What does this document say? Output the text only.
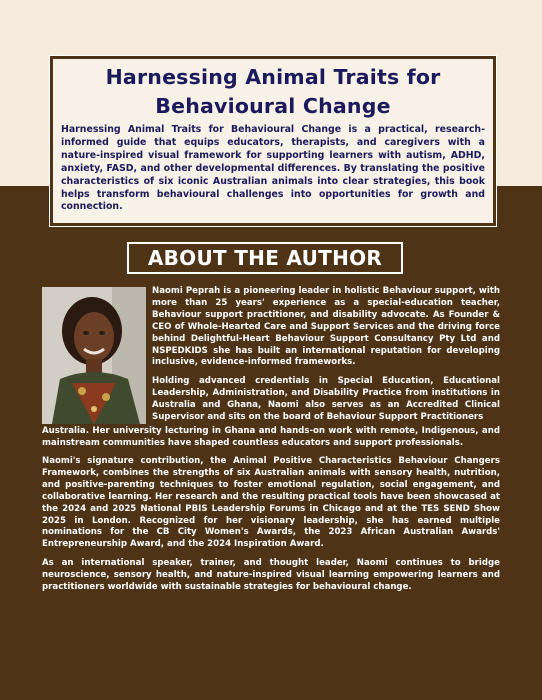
Harnessing Animal Traits for Behavioural Change

Harnessing Animal Traits for Behavioural Change is a practical, research-informed guide that equips educators, therapists, and caregivers with a nature-inspired visual framework for supporting learners with autism, ADHD, anxiety, FASD, and other developmental differences. By translating the positive characteristics of six iconic Australian animals into clear strategies, this book helps transform behavioural challenges into opportunities for growth and connection.

ABOUT THE AUTHOR

Naomi Peprah is a pioneering leader in holistic Behaviour support, with more than 25 years' experience as a special-education teacher, Behaviour support practitioner, and disability advocate. As Founder & CEO of Whole-Hearted Care and Support Services and the driving force behind Delightful-Heart Behaviour Support Consultancy Pty Ltd and NSPEDKIDS she has built an international reputation for developing inclusive, evidence-informed frameworks.

Holding advanced credentials in Special Education, Educational Leadership, Administration, and Disability Practice from institutions in Australia and Ghana, Naomi also serves as an Accredited Clinical Supervisor and sits on the board of Behaviour Support Practitioners

Australia. Her university lecturing in Ghana and hands-on work with remote, Indigenous, and mainstream communities have shaped countless educators and support professionals.

Naomi's signature contribution, the Animal Positive Characteristics Behaviour Changers Framework, combines the strengths of six Australian animals with sensory health, nutrition, and positive-parenting techniques to foster emotional regulation, social engagement, and collaborative learning. Her research and the resulting practical tools have been showcased at the 2024 and 2025 National PBIS Leadership Forums in Chicago and at the TES SEND Show 2025 in London. Recognized for her visionary leadership, she has earned multiple nominations for the CB City Women's Awards, the 2023 African Australian Awards' Entrepreneurship Award, and the 2024 Inspiration Award.

As an international speaker, trainer, and thought leader, Naomi continues to bridge neuroscience, sensory health, and nature-inspired visual learning empowering learners and practitioners worldwide with sustainable strategies for behavioural change.
